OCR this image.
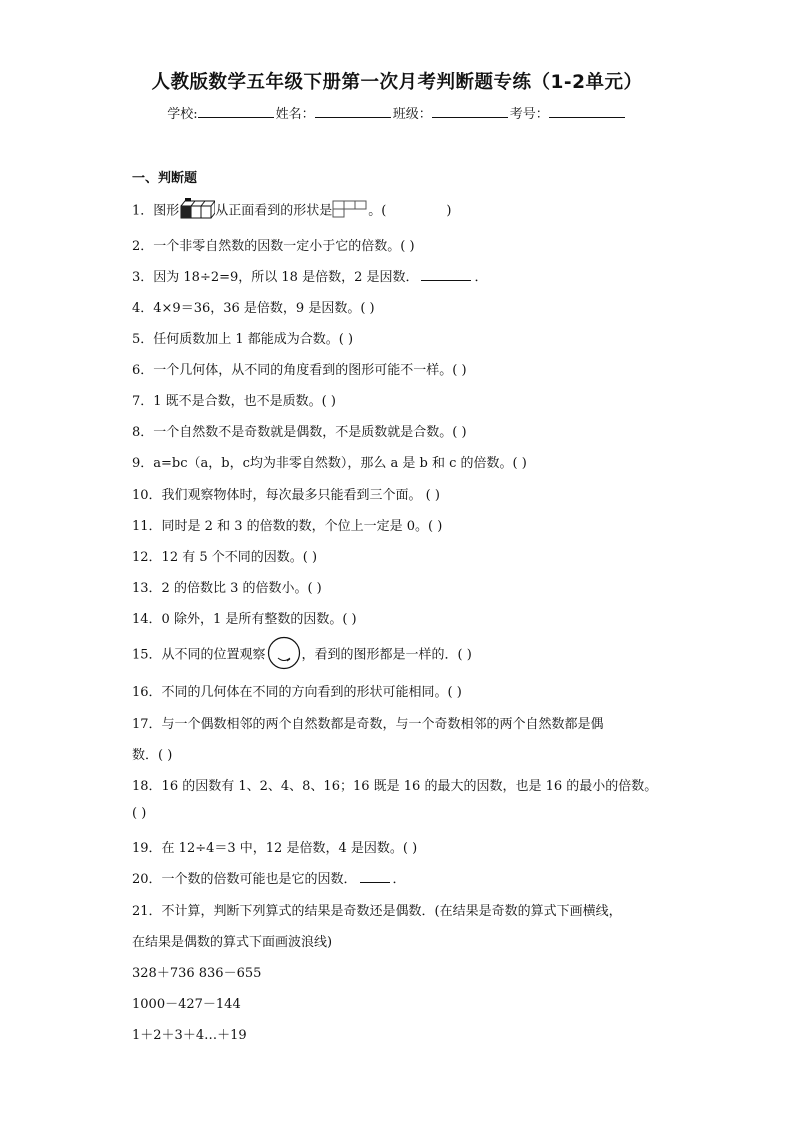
人教版数学五年级下册第一次月考判断题专练（1-2单元）
学校:	姓名：	班级：	考号：
一、判断题
1．图形	从正面看到的形状是	。(	)
2．一个非零自然数的因数一定小于它的倍数。( )
3．因为 18÷2=9，所以 18 是倍数，2 是因数．	．
4．4×9＝36，36 是倍数，9 是因数。( )
5．任何质数加上 1 都能成为合数。( )
6．一个几何体，从不同的角度看到的图形可能不一样。( )
7．1 既不是合数，也不是质数。( )
8．一个自然数不是奇数就是偶数，不是质数就是合数。( )
9．a=bc（a，b，c均为非零自然数），那么 a 是 b 和 c 的倍数。( )
10．我们观察物体时，每次最多只能看到三个面。 ( )
11．同时是 2 和 3 的倍数的数，个位上一定是 0。( )
12．12 有 5 个不同的因数。( )
13．2 的倍数比 3 的倍数小。( )
14．0 除外，1 是所有整数的因数。( )
15．从不同的位置观察	，看到的图形都是一样的．( )
16．不同的几何体在不同的方向看到的形状可能相同。( )
17．与一个偶数相邻的两个自然数都是奇数，与一个奇数相邻的两个自然数都是偶
数．( )
18．16 的因数有 1、2、4、8、16；16 既是 16 的最大的因数，也是 16 的最小的倍数。
( )
19．在 12÷4＝3 中，12 是倍数，4 是因数。( )
20．一个数的倍数可能也是它的因数．	．
21．不计算，判断下列算式的结果是奇数还是偶数．(在结果是奇数的算式下画横线，
在结果是偶数的算式下面画波浪线)
328＋736 836－655
1000－427－144
1＋2＋3＋4…＋19
